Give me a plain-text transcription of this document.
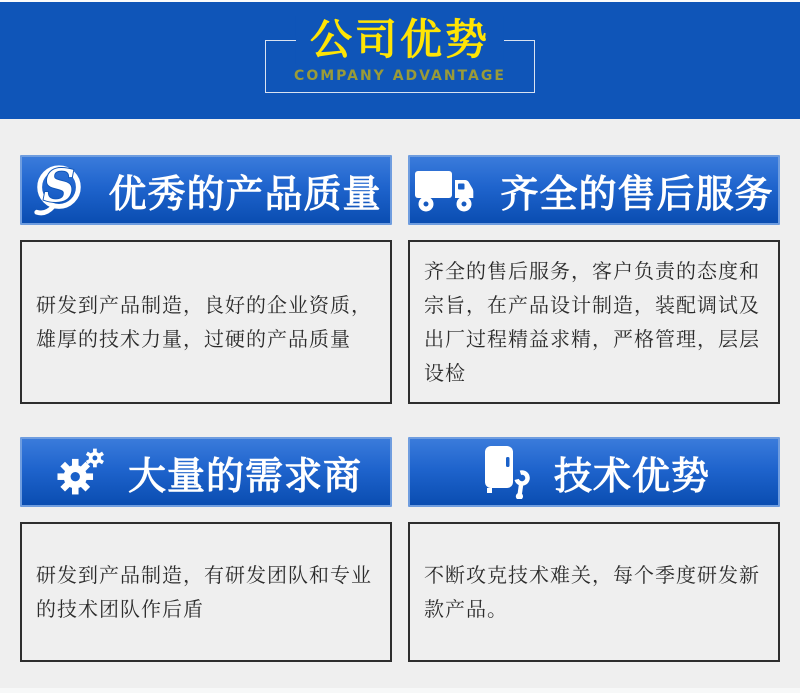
公司优势
COMPANY ADVANTAGE
S 优秀的产品质量

研发到产品制造，良好的企业资质，雄厚的技术力量，过硬的产品质量

齐全的售后服务

齐全的售后服务，客户负责的态度和宗旨，在产品设计制造，装配调试及出厂过程精益求精，严格管理，层层设检

大量的需求商

研发到产品制造，有研发团队和专业的技术团队作后盾

技术优势

不断攻克技术难关，每个季度研发新款产品。
